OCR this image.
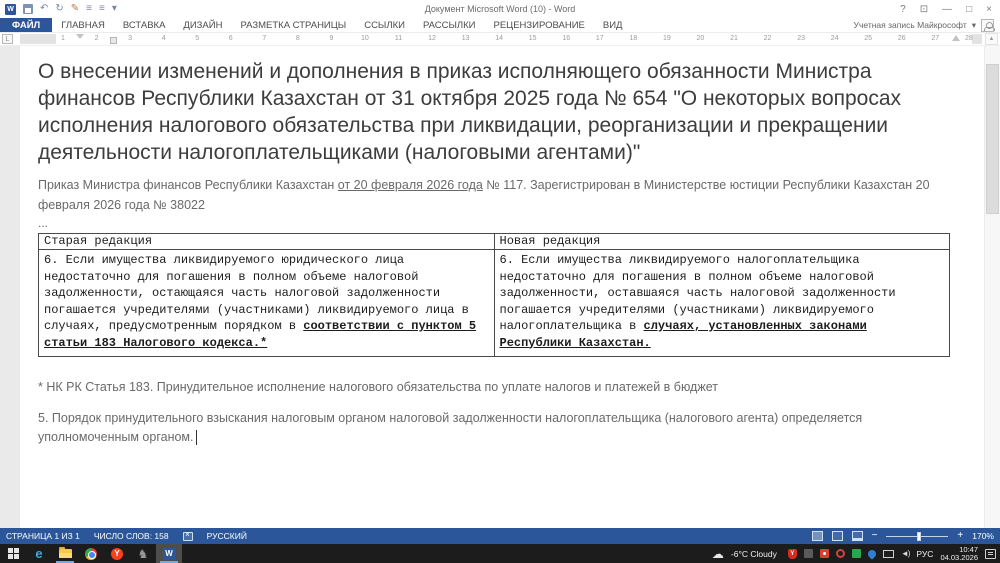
Документ Microsoft Word (10) - Word
W	↶ ↻ ✎ ≡ ≡ ▾	? ⊡ — □ ×
ФАЙЛ	ГЛАВНАЯ	ВСТАВКА	ДИЗАЙН	РАЗМЕТКА СТРАНИЦЫ	ССЫЛКИ	РАССЫЛКИ	РЕЦЕНЗИРОВАНИЕ	ВИД	Учетная запись Майкрософт ▾
L	1	2	3	4	5	6	7	8	9	10	11	12	13	14	15	16	17	18	19	20	21	22	23	24	25	26	27	28	▲
О внесении изменений и дополнения в приказ исполняющего обязанности Министра финансов Республики Казахстан от 31 октября 2025 года № 654 "О некоторых вопросах исполнения налогового обязательства при ликвидации, реорганизации и прекращении деятельности налогоплательщиками (налоговыми агентами)"
Приказ Министра финансов Республики Казахстан от 20 февраля 2026 года № 117. Зарегистрирован в Министерстве юстиции Республики Казахстан 20 февраля 2026 года № 38022
...
Старая редакция	Новая редакция
6. Если имущества ликвидируемого юридического лица недостаточно для погашения в полном объеме налоговой задолженности, остающаяся часть налоговой задолженности погашается учредителями (участниками) ликвидируемого лица в случаях, предусмотренным порядком в соответствии с пунктом 5 статьи 183 Налогового кодекса.*	6. Если имущества ликвидируемого налогоплательщика недостаточно для погашения в полном объеме налоговой задолженности, оставшаяся часть налоговой задолженности погашается учредителями (участниками) ликвидируемого налогоплательщика в случаях, установленных законами Республики Казахстан.
* НК РК Статья 183. Принудительное исполнение налогового обязательства по уплате налогов и платежей в бюджет
5. Порядок принудительного взыскания налоговым органом налоговой задолженности налогоплательщика (налогового агента) определяется уполномоченным органом.
СТРАНИЦА 1 ИЗ 1 ЧИСЛО СЛОВ: 158 ×	РУССКИЙ	−	+ 170%
e	Y ♞	W	☁ -6°C Cloudy	Y	◄) РУС	10:47
04.03.2026
